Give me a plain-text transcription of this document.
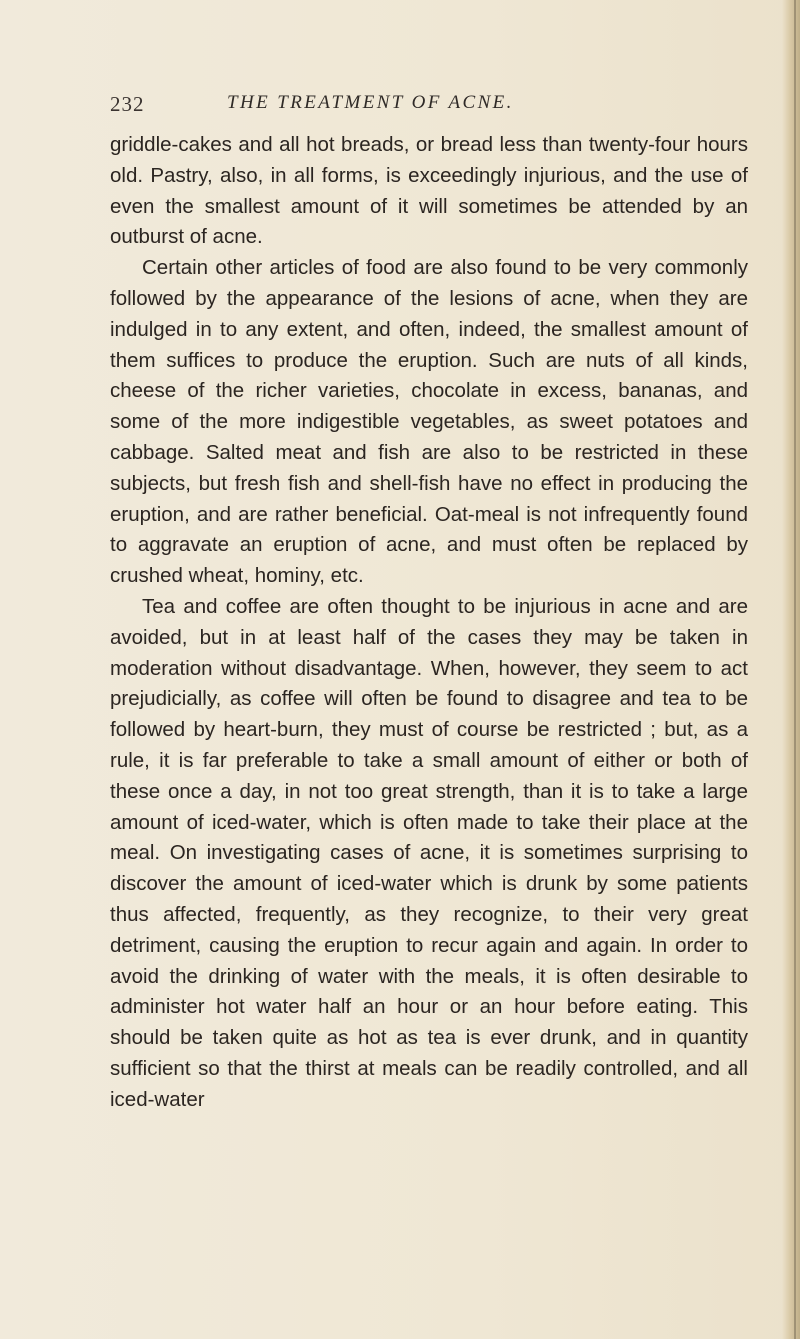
232	THE TREATMENT OF ACNE.

griddle-cakes and all hot breads, or bread less than twenty-four hours old. Pastry, also, in all forms, is exceedingly injurious, and the use of even the smallest amount of it will sometimes be attended by an outburst of acne.

Certain other articles of food are also found to be very commonly followed by the appearance of the lesions of acne, when they are indulged in to any extent, and often, indeed, the smallest amount of them suffices to produce the eruption. Such are nuts of all kinds, cheese of the richer varieties, chocolate in excess, bananas, and some of the more indigestible vegetables, as sweet potatoes and cabbage. Salted meat and fish are also to be restricted in these subjects, but fresh fish and shell-fish have no effect in producing the eruption, and are rather beneficial. Oat-meal is not infrequently found to aggravate an eruption of acne, and must often be replaced by crushed wheat, hominy, etc.

Tea and coffee are often thought to be injurious in acne and are avoided, but in at least half of the cases they may be taken in moderation without disadvantage. When, however, they seem to act prejudicially, as coffee will often be found to disagree and tea to be followed by heart-burn, they must of course be restricted ; but, as a rule, it is far preferable to take a small amount of either or both of these once a day, in not too great strength, than it is to take a large amount of iced-water, which is often made to take their place at the meal. On investigating cases of acne, it is sometimes surprising to discover the amount of iced-water which is drunk by some patients thus affected, frequently, as they recognize, to their very great detriment, causing the eruption to recur again and again. In order to avoid the drinking of water with the meals, it is often desirable to administer hot water half an hour or an hour before eating. This should be taken quite as hot as tea is ever drunk, and in quantity sufficient so that the thirst at meals can be readily controlled, and all iced-water
